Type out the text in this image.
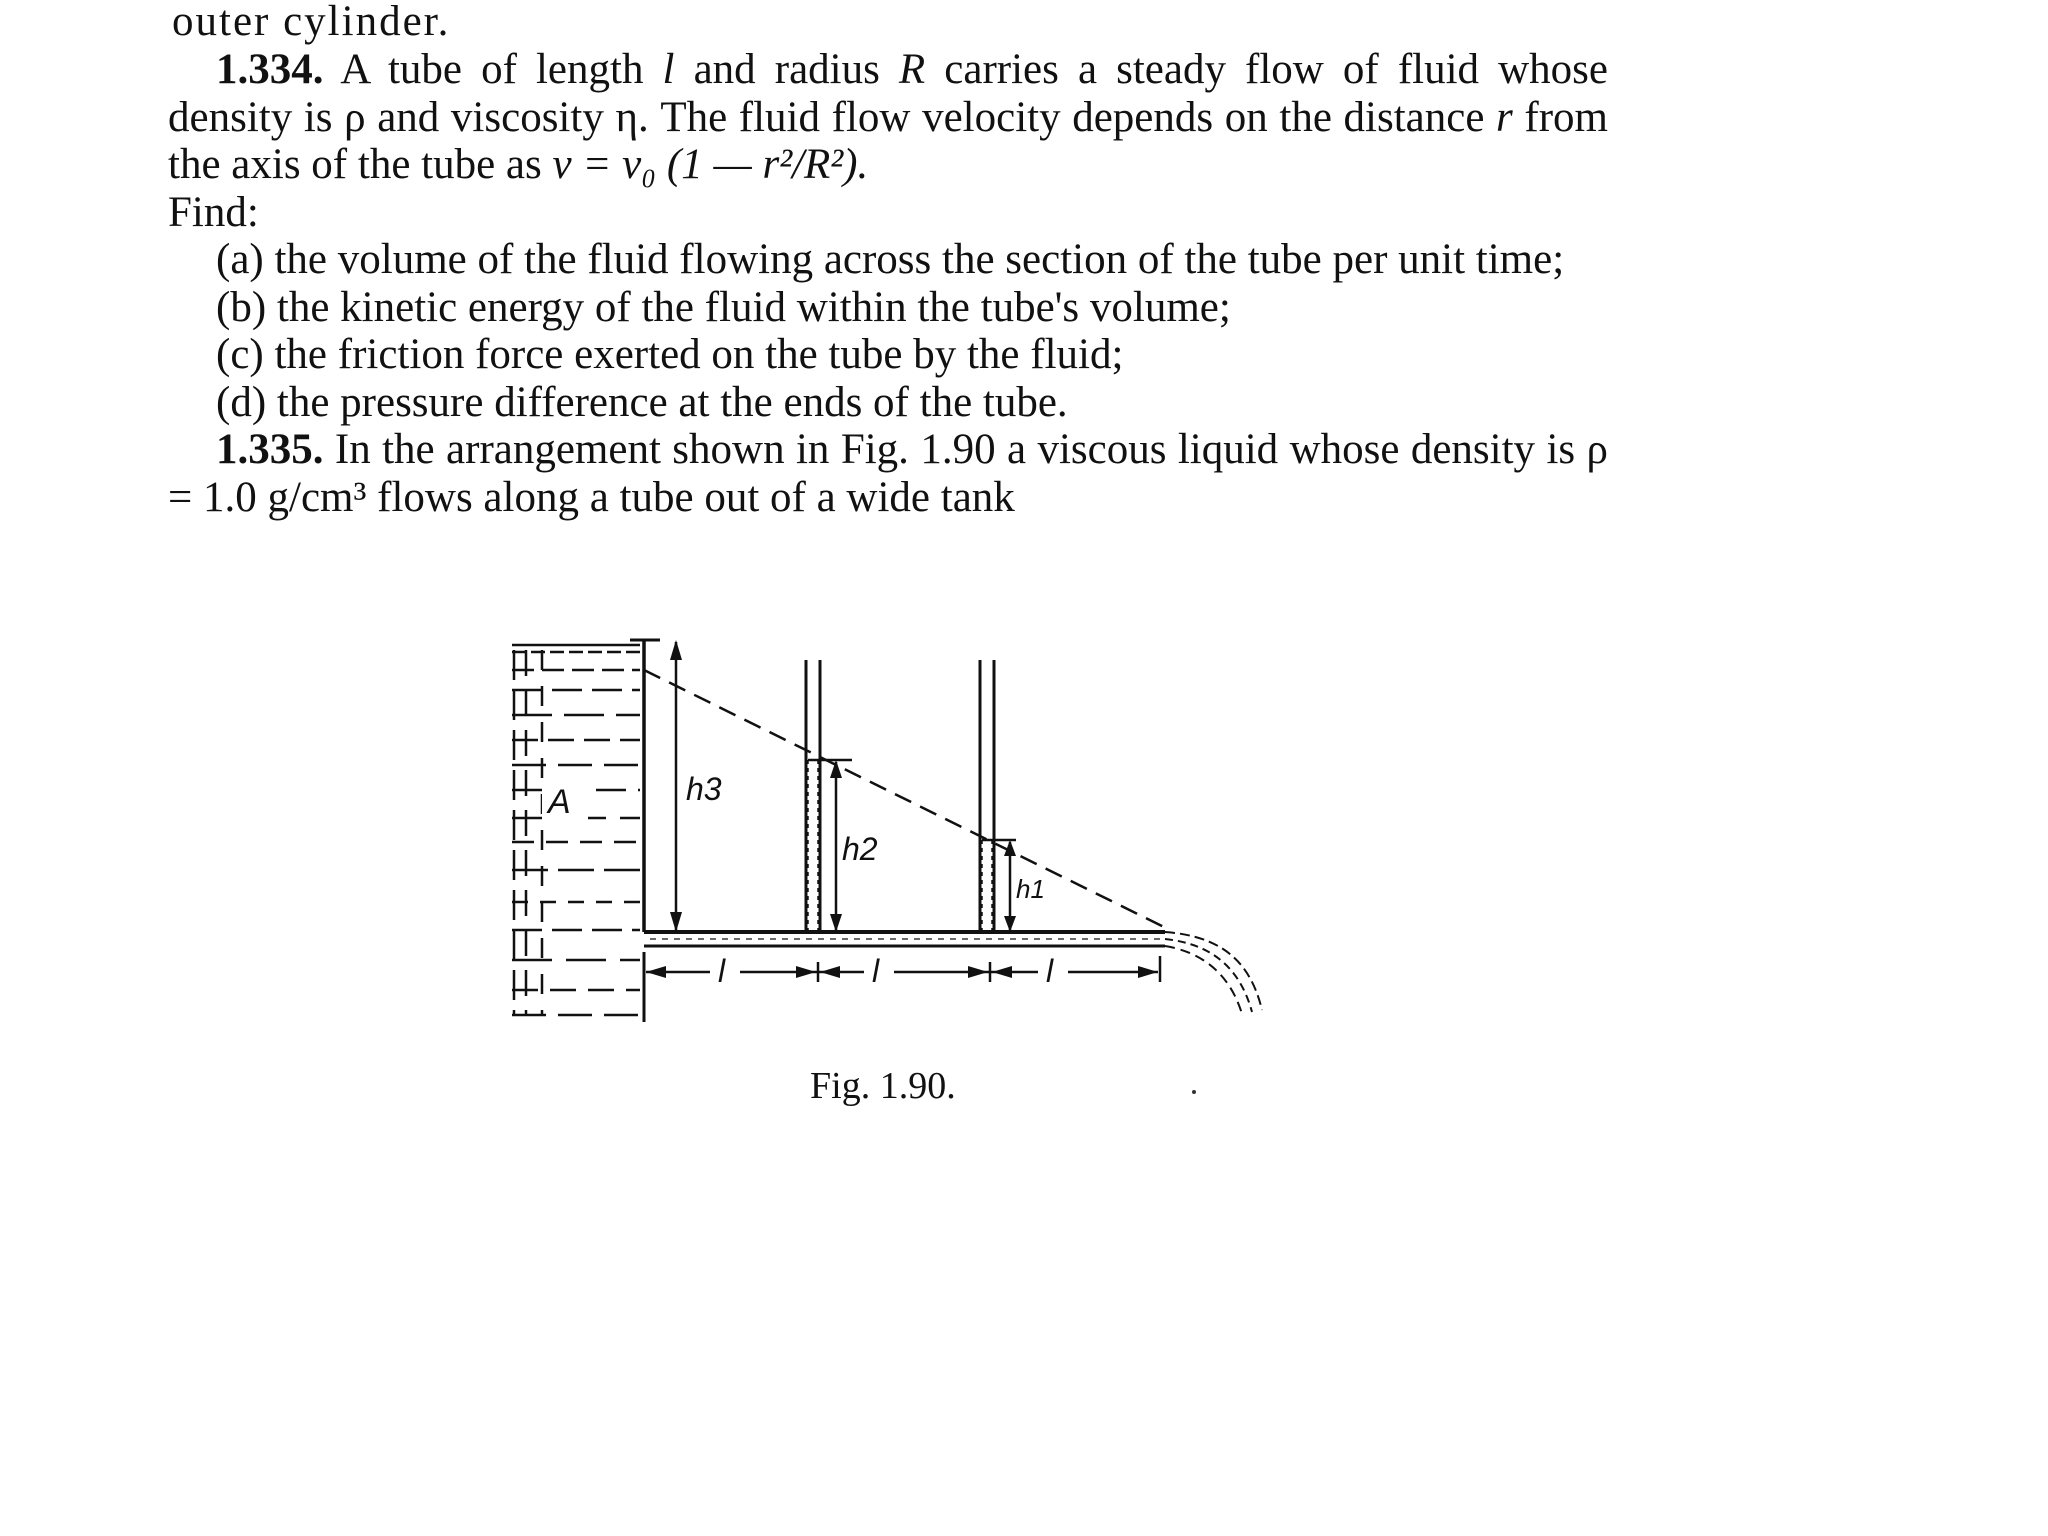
outer cylinder.

1.334. A tube of length l and radius R carries a steady flow of fluid whose density is ρ and viscosity η. The fluid flow velocity depends on the distance r from the axis of the tube as v = v₀ (1 — r²/R²).
Find:

(a) the volume of the fluid flowing across the section of the tube per unit time;

(b) the kinetic energy of the fluid within the tube's volume;

(c) the friction force exerted on the tube by the fluid;

(d) the pressure difference at the ends of the tube.

1.335. In the arrangement shown in Fig. 1.90 a viscous liquid whose density is ρ = 1.0 g/cm³ flows along a tube out of a wide tank

A	h3
h2
h1
l	l	l
Fig. 1.90.
